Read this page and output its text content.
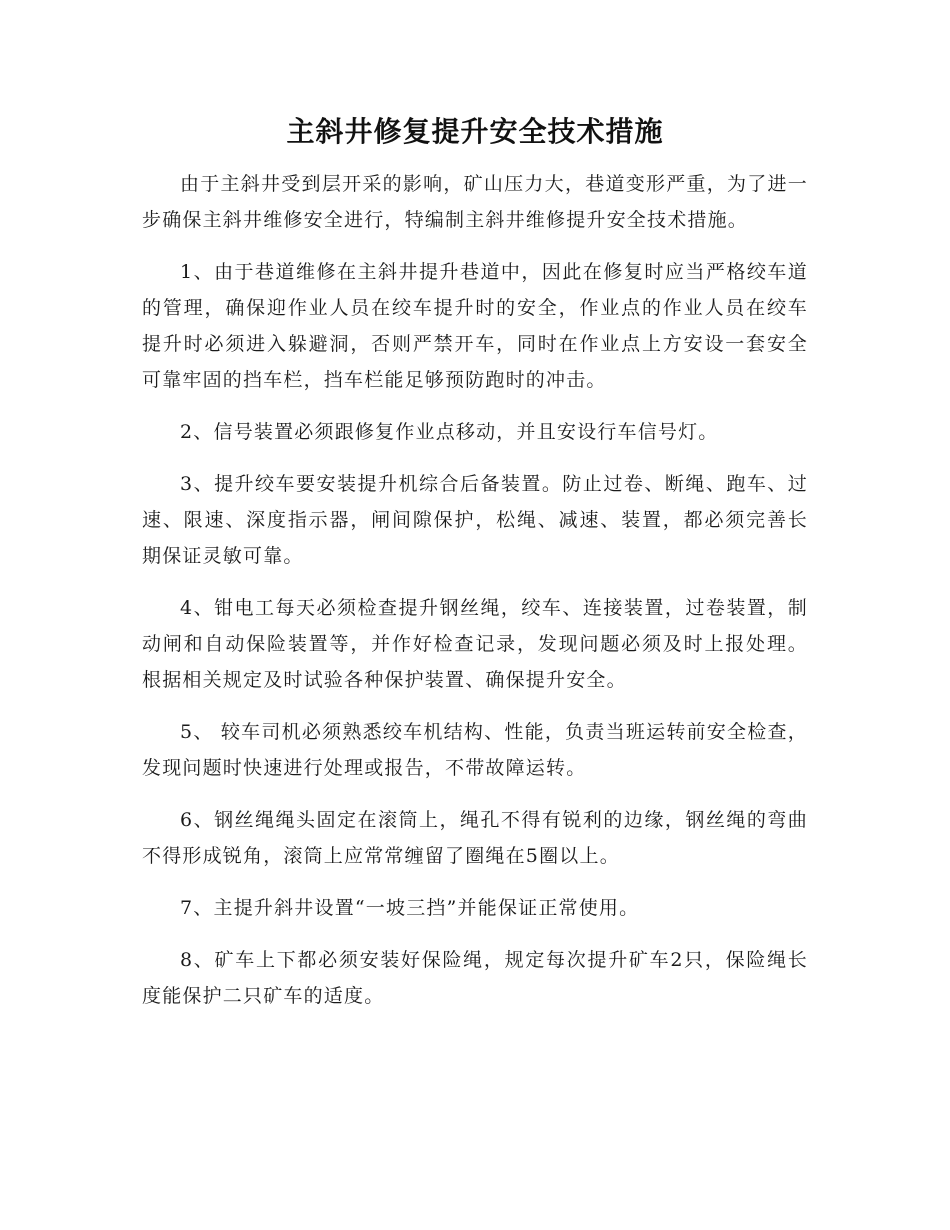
主斜井修复提升安全技术措施

由于主斜井受到层开采的影响，矿山压力大，巷道变形严重，为了进一步确保主斜井维修安全进行，特编制主斜井维修提升安全技术措施。

1、由于巷道维修在主斜井提升巷道中，因此在修复时应当严格绞车道的管理，确保迎作业人员在绞车提升时的安全，作业点的作业人员在绞车提升时必须进入躲避洞，否则严禁开车，同时在作业点上方安设一套安全可靠牢固的挡车栏，挡车栏能足够预防跑时的冲击。

2、信号装置必须跟修复作业点移动，并且安设行车信号灯。

3、提升绞车要安装提升机综合后备装置。防止过卷、断绳、跑车、过速、限速、深度指示器，闸间隙保护，松绳、减速、装置，都必须完善长期保证灵敏可靠。

4、钳电工每天必须检查提升钢丝绳，绞车、连接装置，过卷装置，制动闸和自动保险装置等，并作好检查记录，发现问题必须及时上报处理。根据相关规定及时试验各种保护装置、确保提升安全。

5、 较车司机必须熟悉绞车机结构、性能，负责当班运转前安全检查，发现问题时快速进行处理或报告，不带故障运转。

6、钢丝绳绳头固定在滚筒上，绳孔不得有锐利的边缘，钢丝绳的弯曲不得形成锐角，滚筒上应常常缠留了圈绳在5圈以上。

7、主提升斜井设置“一坡三挡”并能保证正常使用。

8、矿车上下都必须安装好保险绳，规定每次提升矿车2只，保险绳长度能保护二只矿车的适度。
